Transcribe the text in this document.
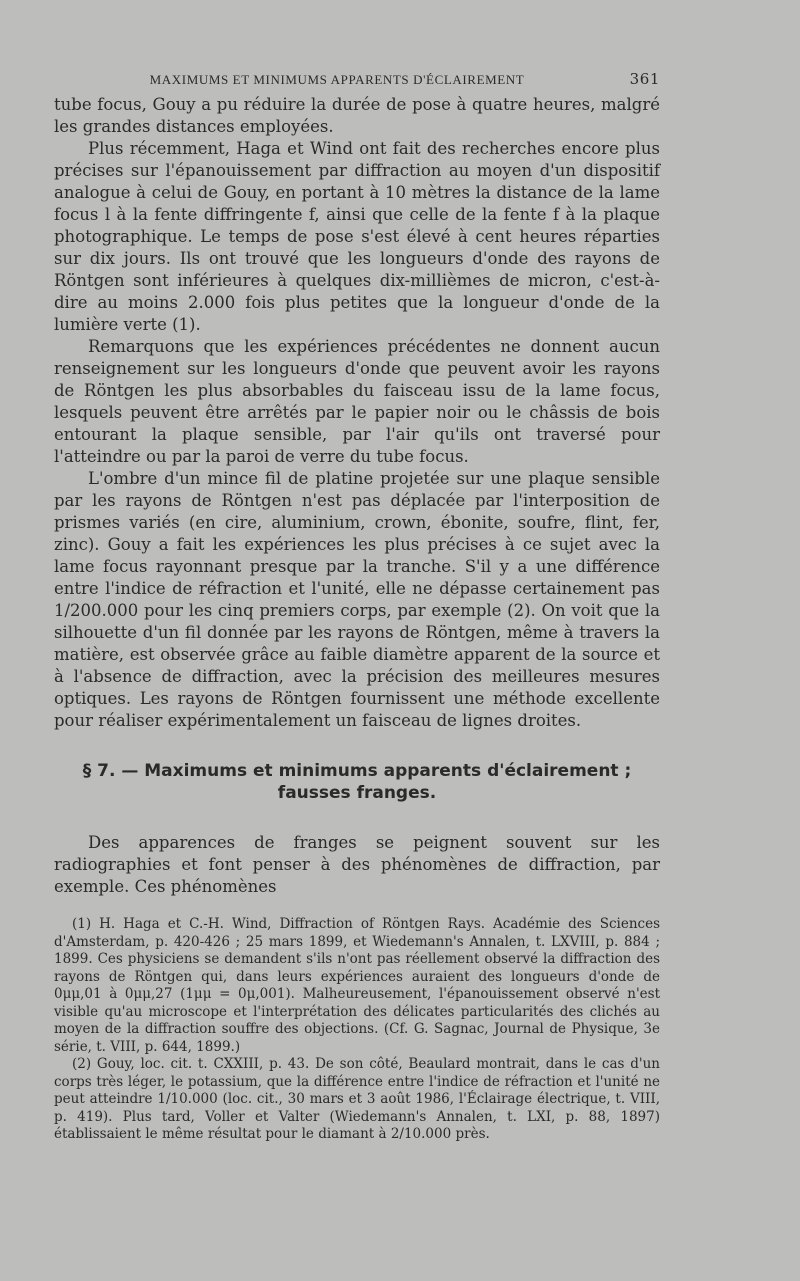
MAXIMUMS ET MINIMUMS APPARENTS D'ÉCLAIREMENT	361

tube focus, Gouy a pu réduire la durée de pose à quatre heures, malgré les grandes distances employées.

Plus récemment, Haga et Wind ont fait des recherches encore plus précises sur l'épanouissement par diffraction au moyen d'un dispositif analogue à celui de Gouy, en portant à 10 mètres la distance de la lame focus l à la fente diffringente f, ainsi que celle de la fente f à la plaque photographique. Le temps de pose s'est élevé à cent heures réparties sur dix jours. Ils ont trouvé que les longueurs d'onde des rayons de Röntgen sont inférieures à quelques dix-millièmes de micron, c'est-à-dire au moins 2.000 fois plus petites que la longueur d'onde de la lumière verte (1).

Remarquons que les expériences précédentes ne donnent aucun renseignement sur les longueurs d'onde que peuvent avoir les rayons de Röntgen les plus absorbables du faisceau issu de la lame focus, lesquels peuvent être arrêtés par le papier noir ou le châssis de bois entourant la plaque sensible, par l'air qu'ils ont traversé pour l'atteindre ou par la paroi de verre du tube focus.

L'ombre d'un mince fil de platine projetée sur une plaque sensible par les rayons de Röntgen n'est pas déplacée par l'interposition de prismes variés (en cire, aluminium, crown, ébonite, soufre, flint, fer, zinc). Gouy a fait les expériences les plus précises à ce sujet avec la lame focus rayonnant presque par la tranche. S'il y a une différence entre l'indice de réfraction et l'unité, elle ne dépasse certainement pas 1/200.000 pour les cinq premiers corps, par exemple (2). On voit que la silhouette d'un fil donnée par les rayons de Röntgen, même à travers la matière, est observée grâce au faible diamètre apparent de la source et à l'absence de diffraction, avec la précision des meilleures mesures optiques. Les rayons de Röntgen fournissent une méthode excellente pour réaliser expérimentalement un faisceau de lignes droites.

§ 7. — Maximums et minimums apparents d'éclairement ; fausses franges.

Des apparences de franges se peignent souvent sur les radiographies et font penser à des phénomènes de diffraction, par exemple. Ces phénomènes

(1) H. Haga et C.-H. Wind, Diffraction of Röntgen Rays. Académie des Sciences d'Amsterdam, p. 420-426 ; 25 mars 1899, et Wiedemann's Annalen, t. LXVIII, p. 884 ; 1899. Ces physiciens se demandent s'ils n'ont pas réellement observé la diffraction des rayons de Röntgen qui, dans leurs expériences auraient des longueurs d'onde de 0μμ,01 à 0μμ,27 (1μμ = 0μ,001). Malheureusement, l'épanouissement observé n'est visible qu'au microscope et l'interprétation des délicates particularités des clichés au moyen de la diffraction souffre des objections. (Cf. G. Sagnac, Journal de Physique, 3e série, t. VIII, p. 644, 1899.)

(2) Gouy, loc. cit. t. CXXIII, p. 43. De son côté, Beaulard montrait, dans le cas d'un corps très léger, le potassium, que la différence entre l'indice de réfraction et l'unité ne peut atteindre 1/10.000 (loc. cit., 30 mars et 3 août 1986, l'Éclairage électrique, t. VIII, p. 419). Plus tard, Voller et Valter (Wiedemann's Annalen, t. LXI, p. 88, 1897) établissaient le même résultat pour le diamant à 2/10.000 près.
